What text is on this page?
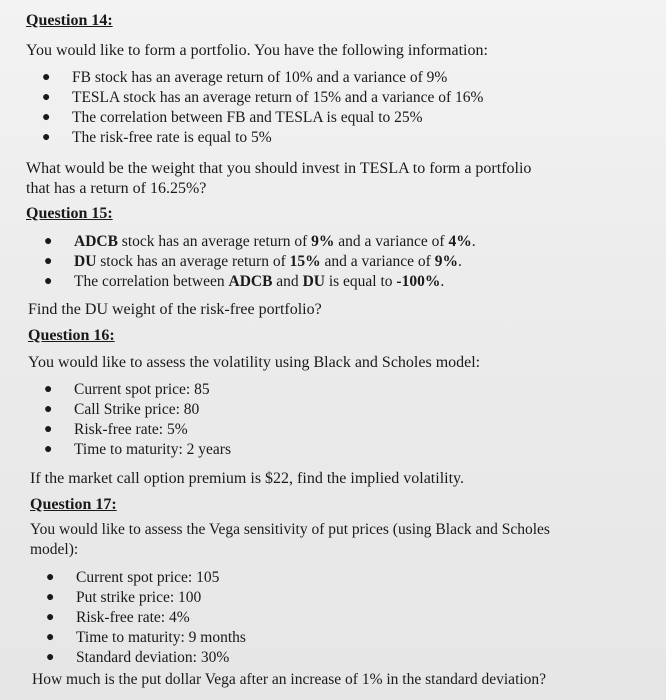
Question 14:
You would like to form a portfolio. You have the following information:
● FB stock has an average return of 10% and a variance of 9%
● TESLA stock has an average return of 15% and a variance of 16%
● The correlation between FB and TESLA is equal to 25%
● The risk-free rate is equal to 5%
What would be the weight that you should invest in TESLA to form a portfolio
that has a return of 16.25%?
Question 15:
● ADCB stock has an average return of 9% and a variance of 4%.
● DU stock has an average return of 15% and a variance of 9%.
● The correlation between ADCB and DU is equal to -100%.
Find the DU weight of the risk-free portfolio?
Question 16:
You would like to assess the volatility using Black and Scholes model:
● Current spot price: 85
● Call Strike price: 80
● Risk-free rate: 5%
● Time to maturity: 2 years
If the market call option premium is $22, find the implied volatility.
Question 17:
You would like to assess the Vega sensitivity of put prices (using Black and Scholes
model):
● Current spot price: 105
● Put strike price: 100
● Risk-free rate: 4%
● Time to maturity: 9 months
● Standard deviation: 30%
How much is the put dollar Vega after an increase of 1% in the standard deviation?
